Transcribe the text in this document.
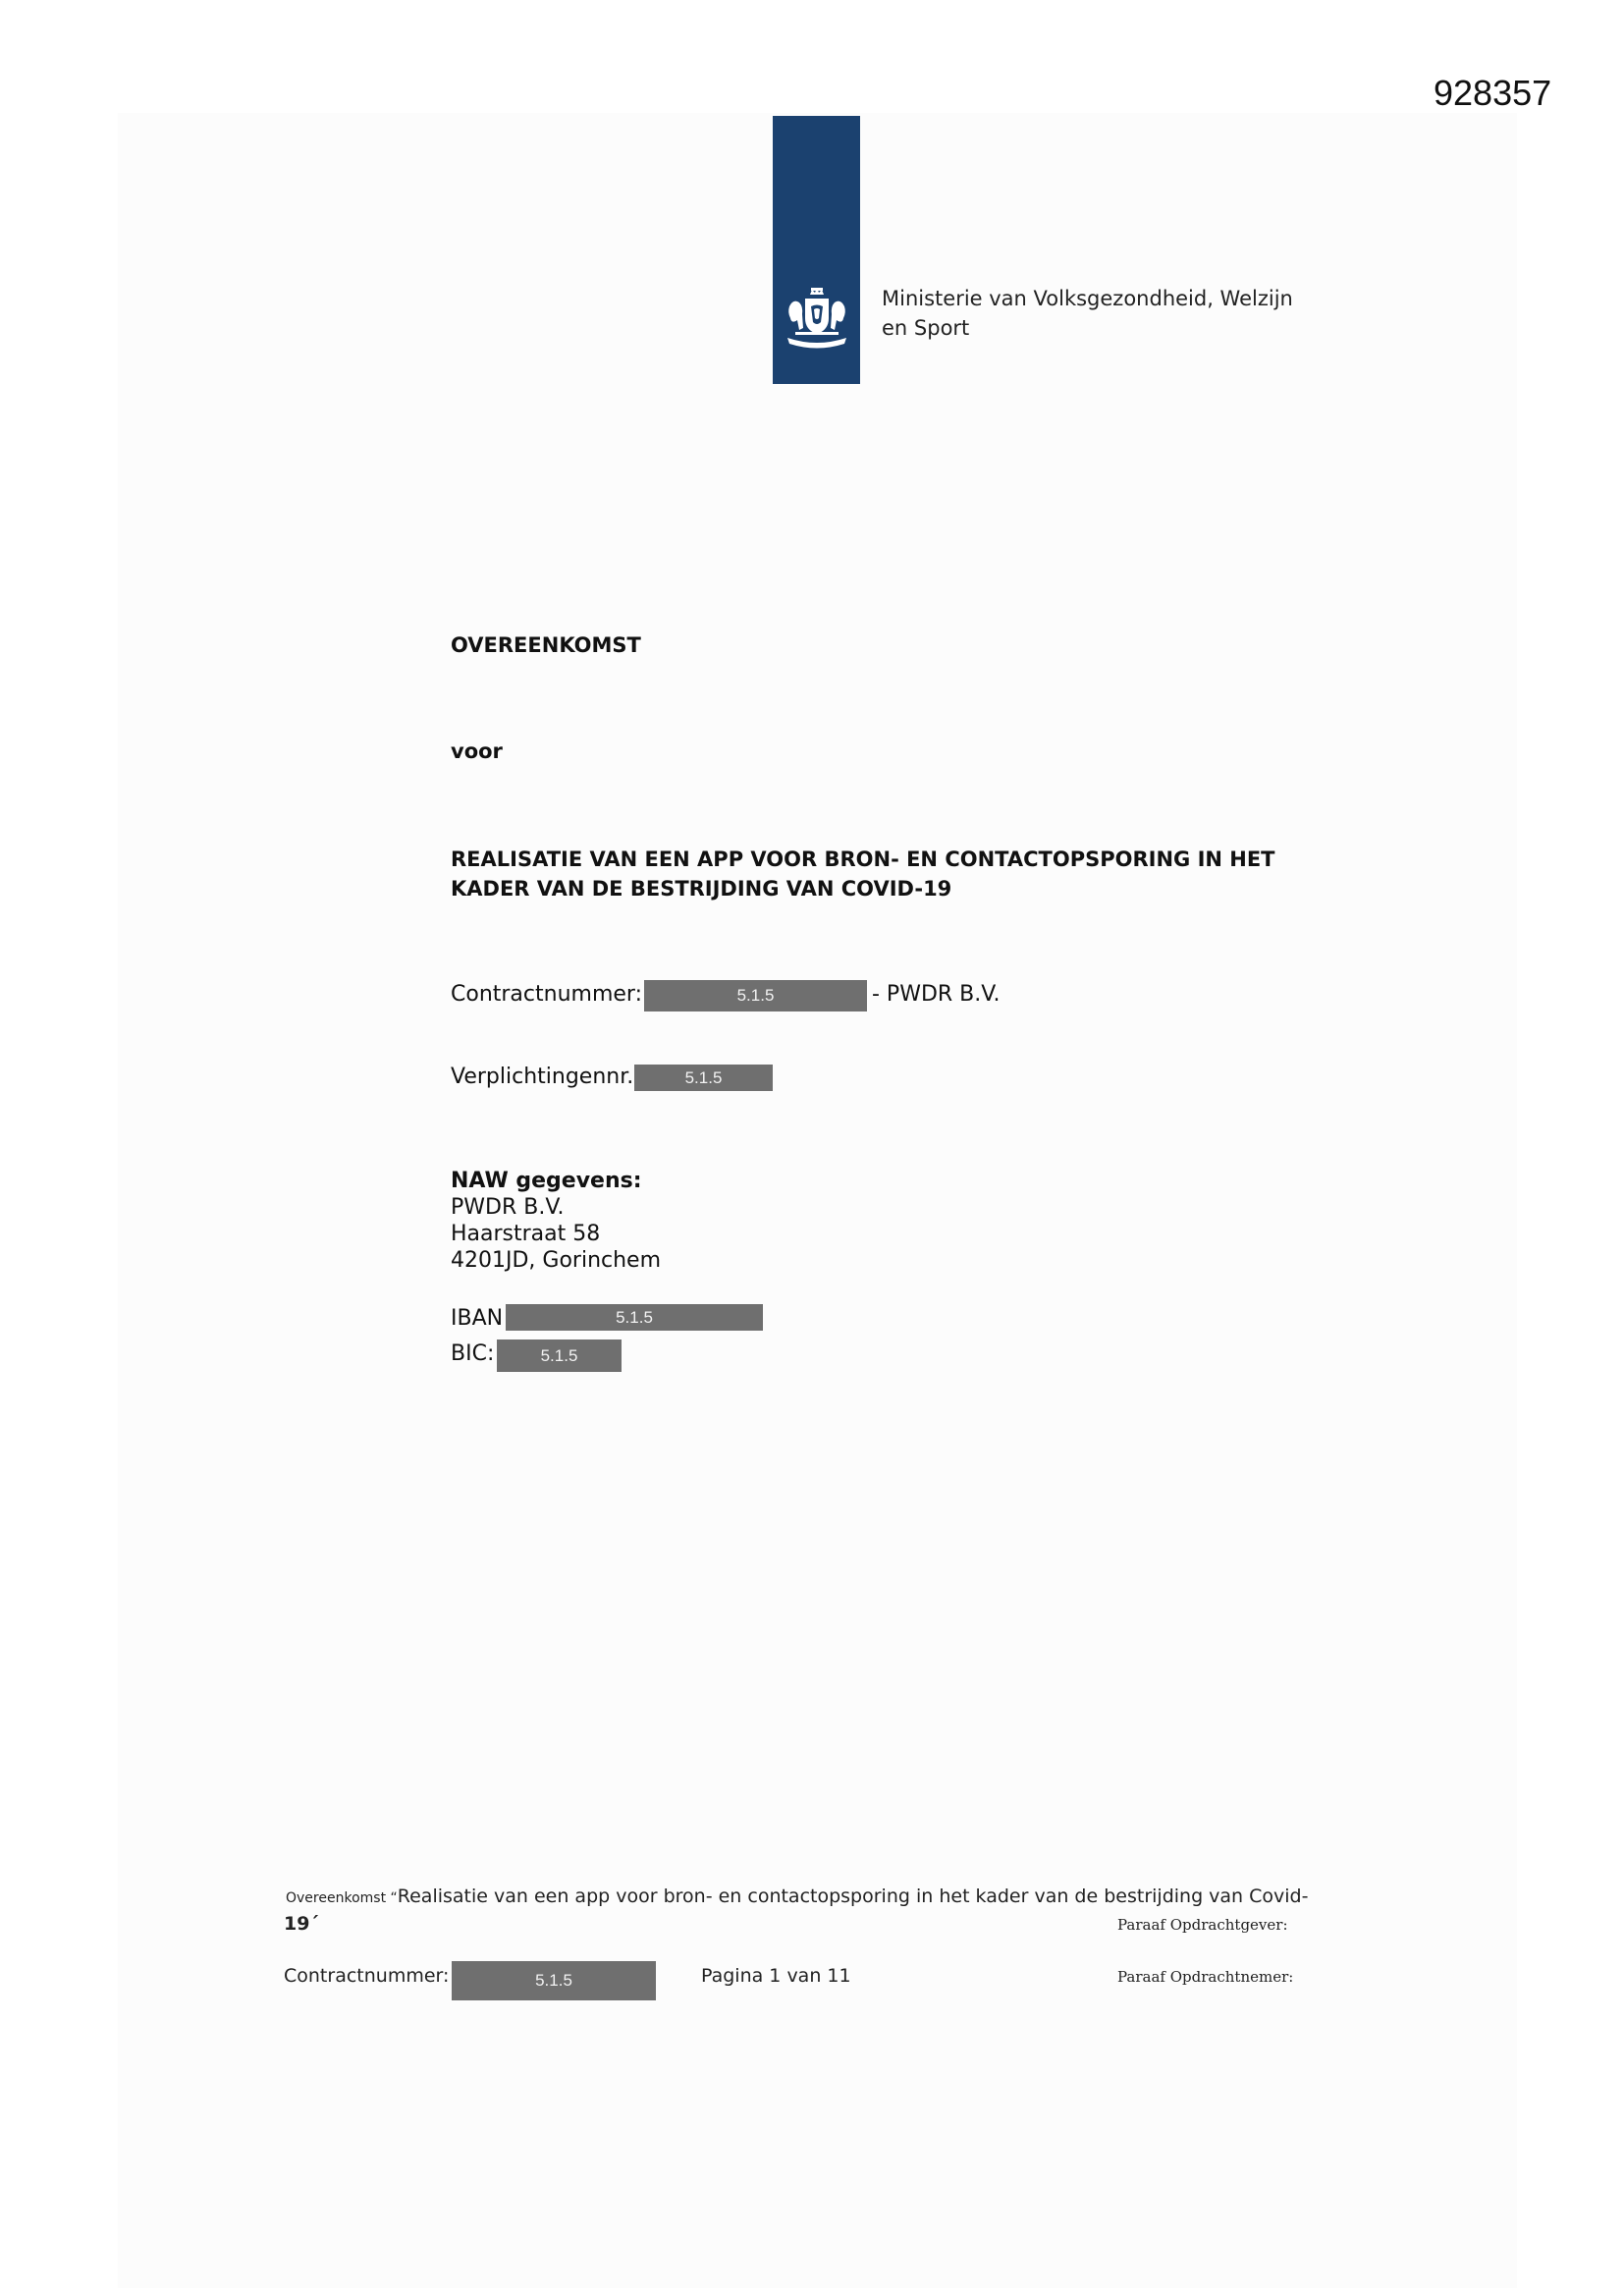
928357
Ministerie van Volksgezondheid, Welzijn
en Sport
OVEREENKOMST
voor
REALISATIE VAN EEN APP VOOR BRON- EN CONTACTOPSPORING IN HET
KADER VAN DE BESTRIJDING VAN COVID-19
Contractnummer:	5.1.5	- PWDR B.V.
Verplichtingennr.	5.1.5
NAW gegevens:
PWDR B.V.
Haarstraat 58
4201JD, Gorinchem
IBAN	5.1.5
BIC:	5.1.5
Overeenkomst “Realisatie van een app voor bron- en contactopsporing in het kader van de bestrijding van Covid-
19´	Paraaf Opdrachtgever:
Contractnummer:	5.1.5	Pagina 1 van 11	Paraaf Opdrachtnemer:
